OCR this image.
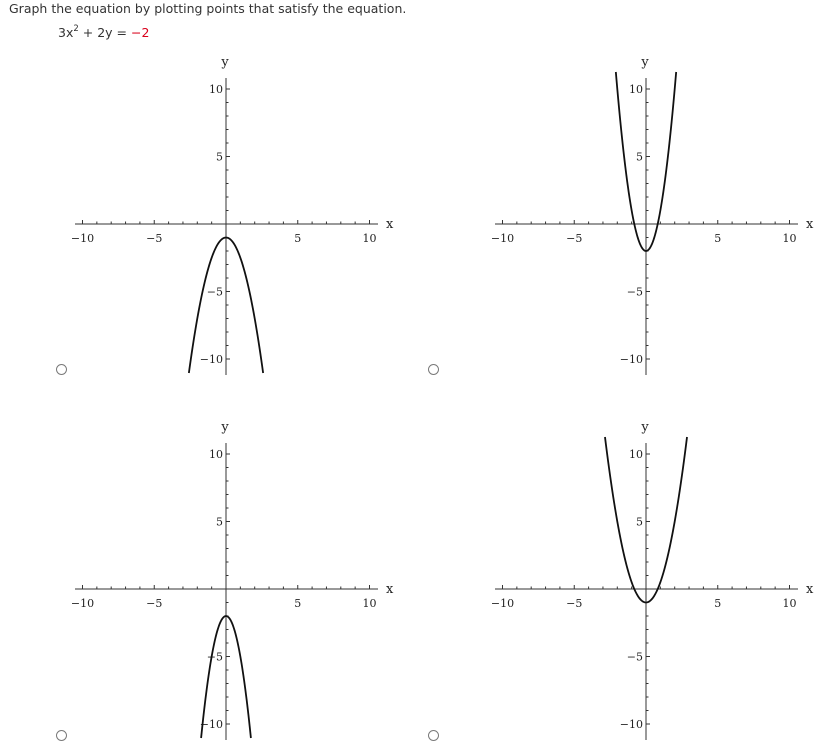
Graph the equation by plotting points that satisfy the equation.
$3x^2 + 2y = -2$
−10	−5	5	10
10
5
−5
−10
x
y
−10	−5	5	10
10
5
−5
−10
x
y
−10	−5	5	10
10
5
−5
−10
x
y
−10	−5	5	10
10
5
−5
−10
x
y
